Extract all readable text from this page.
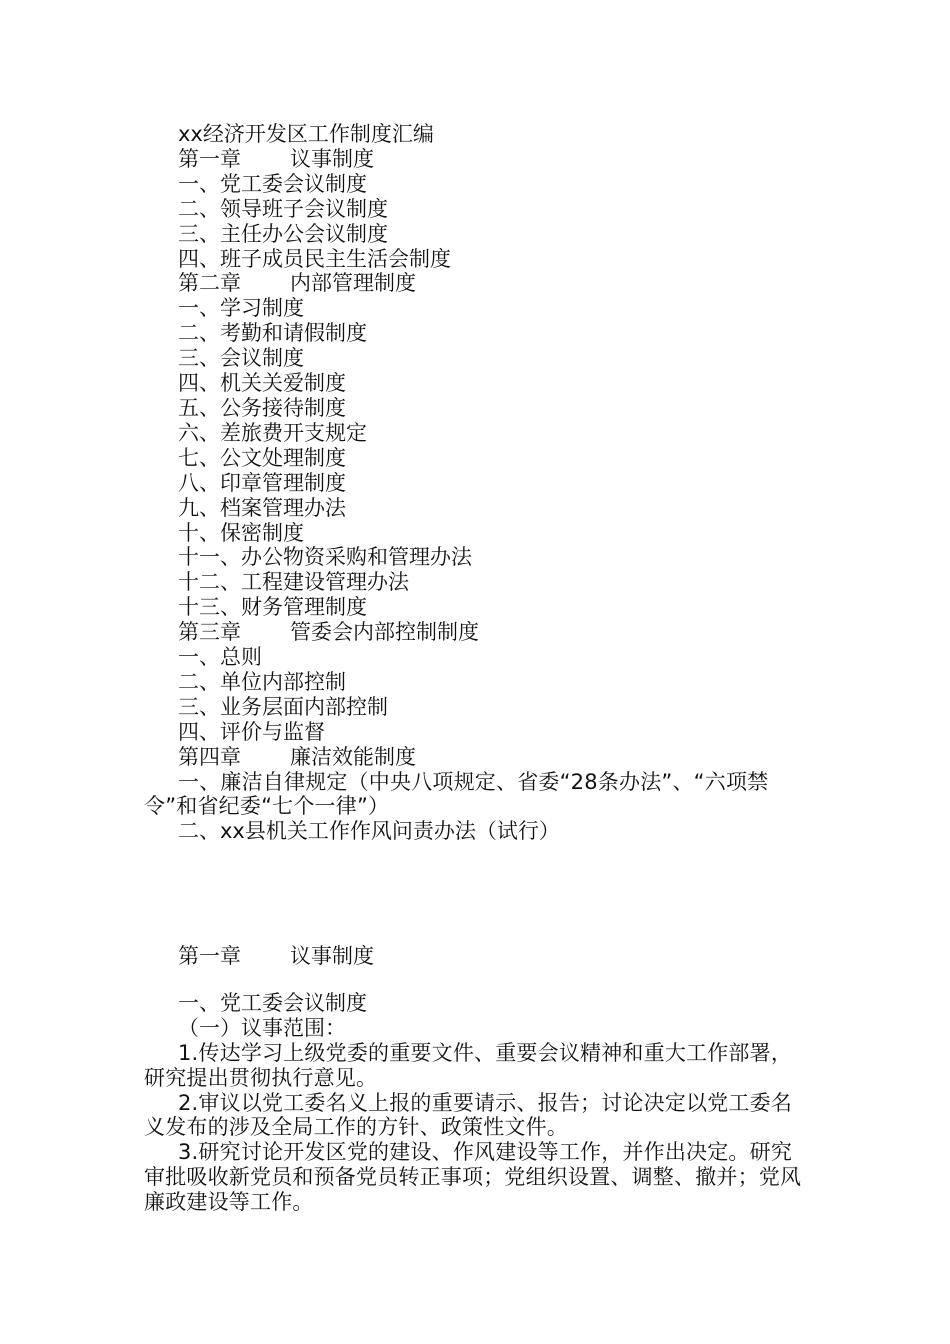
xx经济开发区工作制度汇编
第一章 议事制度
一、党工委会议制度
二、领导班子会议制度
三、主任办公会议制度
四、班子成员民主生活会制度
第二章 内部管理制度
一、学习制度
二、考勤和请假制度
三、会议制度
四、机关关爱制度
五、公务接待制度
六、差旅费开支规定
七、公文处理制度
八、印章管理制度
九、档案管理办法
十、保密制度
十一、办公物资采购和管理办法
十二、工程建设管理办法
十三、财务管理制度
第三章 管委会内部控制制度
一、总则
二、单位内部控制
三、业务层面内部控制
四、评价与监督
第四章 廉洁效能制度
一、廉洁自律规定（中央八项规定、省委“28条办法”、“六项禁令”和省纪委“七个一律”）
二、xx县机关工作作风问责办法（试行）
第一章 议事制度
一、党工委会议制度
（一）议事范围：
1.传达学习上级党委的重要文件、重要会议精神和重大工作部署，研究提出贯彻执行意见。
2.审议以党工委名义上报的重要请示、报告；讨论决定以党工委名义发布的涉及全局工作的方针、政策性文件。
3.研究讨论开发区党的建设、作风建设等工作，并作出决定。研究审批吸收新党员和预备党员转正事项；党组织设置、调整、撤并；党风廉政建设等工作。
